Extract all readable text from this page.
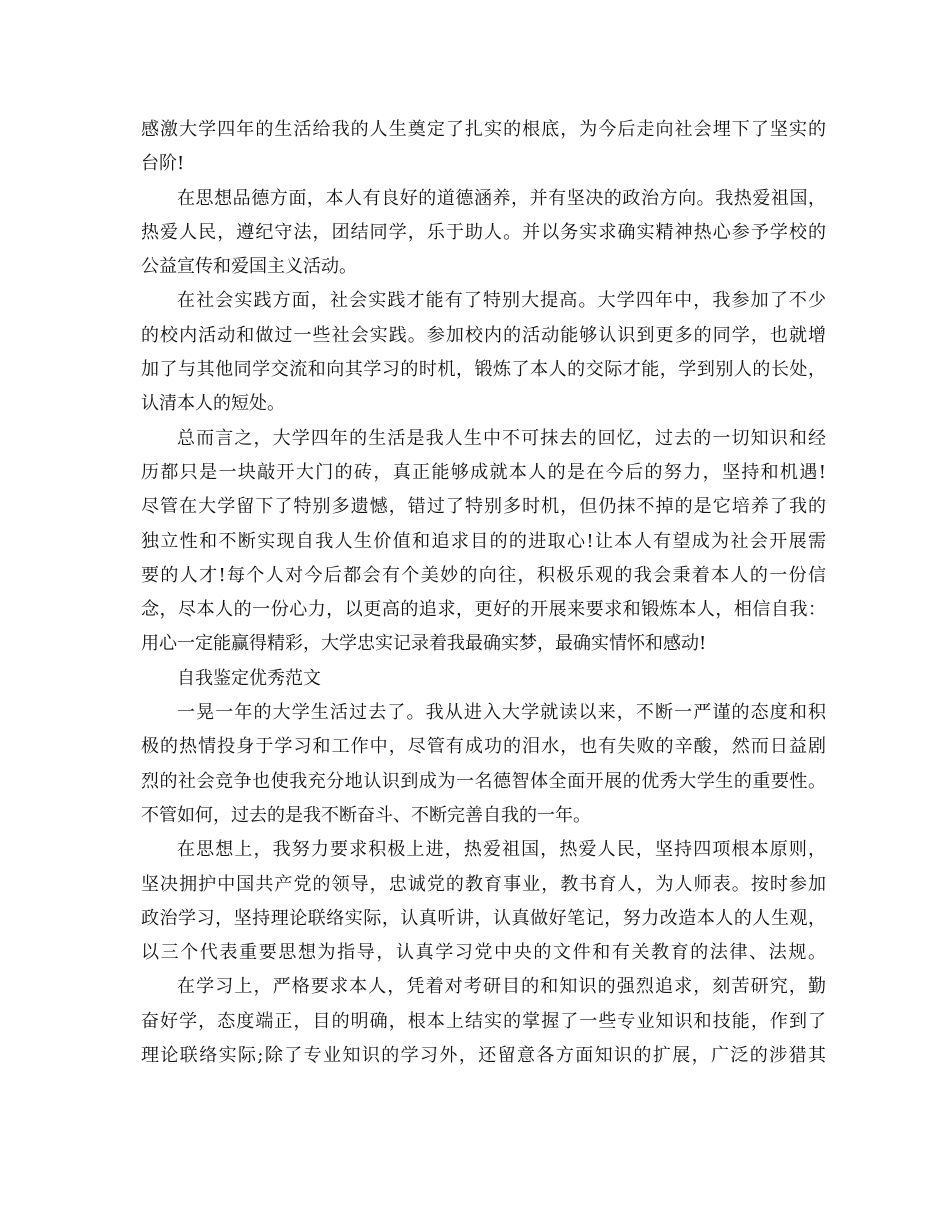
感激大学四年的生活给我的人生奠定了扎实的根底，为今后走向社会埋下了坚实的
台阶!
在思想品德方面，本人有良好的道德涵养，并有坚决的政治方向。我热爱祖国，
热爱人民，遵纪守法，团结同学，乐于助人。并以务实求确实精神热心参予学校的
公益宣传和爱国主义活动。
在社会实践方面，社会实践才能有了特别大提高。大学四年中，我参加了不少
的校内活动和做过一些社会实践。参加校内的活动能够认识到更多的同学，也就增
加了与其他同学交流和向其学习的时机，锻炼了本人的交际才能，学到别人的长处，
认清本人的短处。
总而言之，大学四年的生活是我人生中不可抹去的回忆，过去的一切知识和经
历都只是一块敲开大门的砖，真正能够成就本人的是在今后的努力，坚持和机遇!
尽管在大学留下了特别多遗憾，错过了特别多时机，但仍抹不掉的是它培养了我的
独立性和不断实现自我人生价值和追求目的的进取心!让本人有望成为社会开展需
要的人才!每个人对今后都会有个美妙的向往，积极乐观的我会秉着本人的一份信
念，尽本人的一份心力，以更高的追求，更好的开展来要求和锻炼本人，相信自我：
用心一定能赢得精彩，大学忠实记录着我最确实梦，最确实情怀和感动!
自我鉴定优秀范文
一晃一年的大学生活过去了。我从进入大学就读以来，不断一严谨的态度和积
极的热情投身于学习和工作中，尽管有成功的泪水，也有失败的辛酸，然而日益剧
烈的社会竞争也使我充分地认识到成为一名德智体全面开展的优秀大学生的重要性。
不管如何，过去的是我不断奋斗、不断完善自我的一年。
在思想上，我努力要求积极上进，热爱祖国，热爱人民，坚持四项根本原则，
坚决拥护中国共产党的领导，忠诚党的教育事业，教书育人，为人师表。按时参加
政治学习，坚持理论联络实际，认真听讲，认真做好笔记，努力改造本人的人生观，
以三个代表重要思想为指导，认真学习党中央的文件和有关教育的法律、法规。
在学习上，严格要求本人，凭着对考研目的和知识的强烈追求，刻苦研究，勤
奋好学，态度端正，目的明确，根本上结实的掌握了一些专业知识和技能，作到了
理论联络实际;除了专业知识的学习外，还留意各方面知识的扩展，广泛的涉猎其
